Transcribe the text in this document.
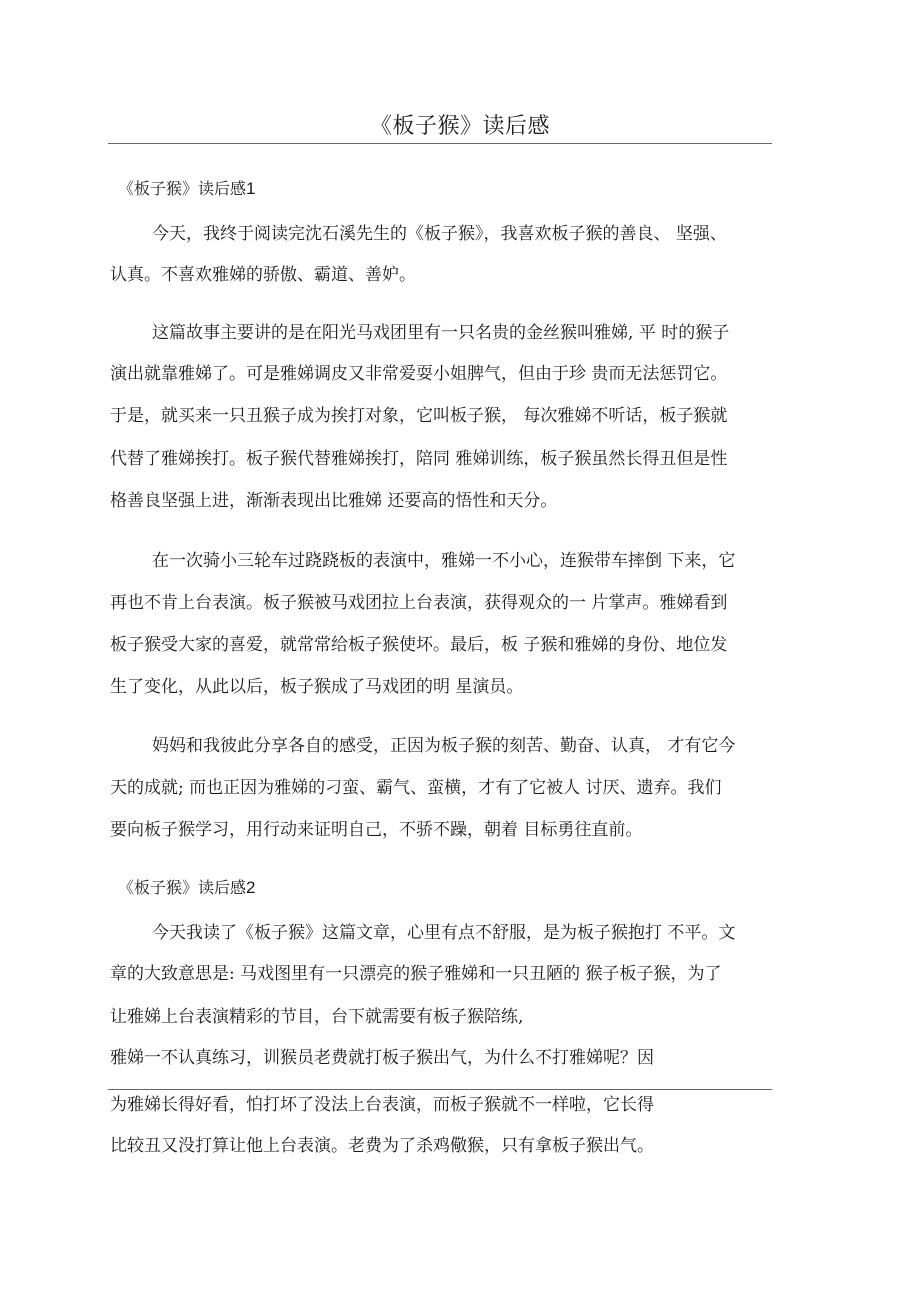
《板子猴》读后感
《板子猴》读后感1
今天，我终于阅读完沈石溪先生的《板子猴》，我喜欢板子猴的善良、 坚强、
认真。不喜欢雅娣的骄傲、霸道、善妒。
这篇故事主要讲的是在阳光马戏团里有一只名贵的金丝猴叫雅娣, 平 时的猴子
演出就靠雅娣了。可是雅娣调皮又非常爱耍小姐脾气，但由于珍 贵而无法惩罚它。
于是，就买来一只丑猴子成为挨打对象，它叫板子猴， 每次雅娣不听话，板子猴就
代替了雅娣挨打。板子猴代替雅娣挨打，陪同 雅娣训练，板子猴虽然长得丑但是性
格善良坚强上进，渐渐表现出比雅娣 还要高的悟性和天分。
在一次骑小三轮车过跷跷板的表演中，雅娣一不小心，连猴带车摔倒 下来，它
再也不肯上台表演。板子猴被马戏团拉上台表演，获得观众的一 片掌声。雅娣看到
板子猴受大家的喜爱，就常常给板子猴使坏。最后，板 子猴和雅娣的身份、地位发
生了变化，从此以后，板子猴成了马戏团的明 星演员。
妈妈和我彼此分享各自的感受，正因为板子猴的刻苦、勤奋、认真， 才有它今
天的成就; 而也正因为雅娣的刁蛮、霸气、蛮横，才有了它被人 讨厌、遗弃。我们
要向板子猴学习，用行动来证明自己，不骄不躁，朝着 目标勇往直前。
《板子猴》读后感2
今天我读了《板子猴》这篇文章，心里有点不舒服，是为板子猴抱打 不平。文
章的大致意思是: 马戏图里有一只漂亮的猴子雅娣和一只丑陋的 猴子板子猴，为了
让雅娣上台表演精彩的节目，台下就需要有板子猴陪练,
雅娣一不认真练习，训猴员老费就打板子猴出气，为什么不打雅娣呢？因
为雅娣长得好看，怕打坏了没法上台表演，而板子猴就不一样啦，它长得
比较丑又没打算让他上台表演。老费为了杀鸡儆猴，只有拿板子猴出气。
